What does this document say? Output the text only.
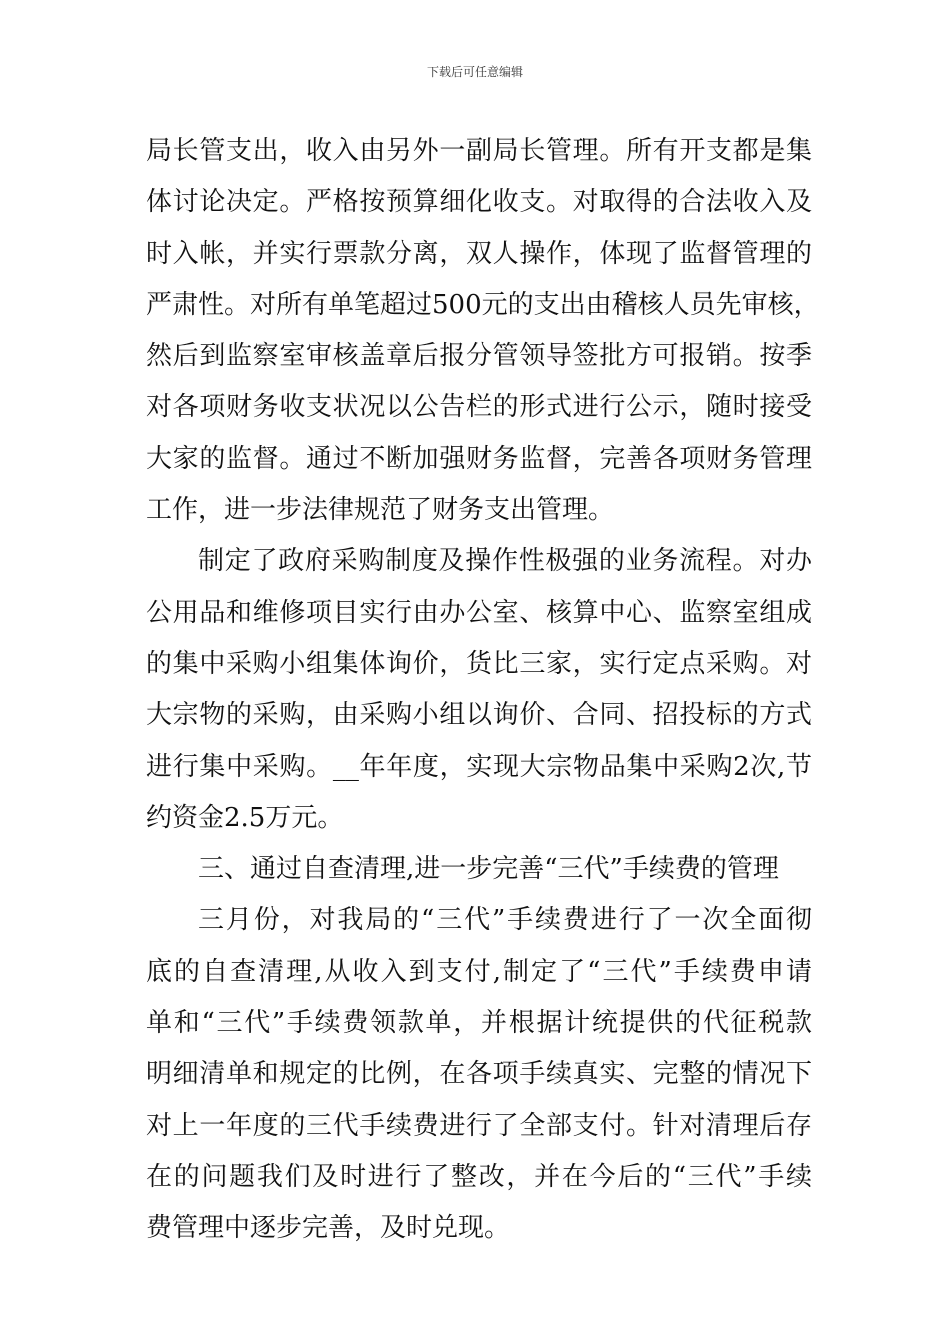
下载后可任意编辑
局长管支出，收入由另外一副局长管理。所有开支都是集
体讨论决定。严格按预算细化收支。对取得的合法收入及
时入帐，并实行票款分离，双人操作，体现了监督管理的
严肃性。对所有单笔超过500元的支出由稽核人员先审核，
然后到监察室审核盖章后报分管领导签批方可报销。按季
对各项财务收支状况以公告栏的形式进行公示，随时接受
大家的监督。通过不断加强财务监督，完善各项财务管理
工作，进一步法律规范了财务支出管理。
制定了政府采购制度及操作性极强的业务流程。对办
公用品和维修项目实行由办公室、核算中心、监察室组成
的集中采购小组集体询价，货比三家，实行定点采购。对
大宗物的采购，由采购小组以询价、合同、招投标的方式
进行集中采购。__年年度，实现大宗物品集中采购2次,节
约资金2.5万元。
三、通过自查清理,进一步完善“三代”手续费的管理
三月份，对我局的“三代”手续费进行了一次全面彻
底的自查清理,从收入到支付,制定了“三代”手续费申请
单和“三代”手续费领款单，并根据计统提供的代征税款
明细清单和规定的比例，在各项手续真实、完整的情况下
对上一年度的三代手续费进行了全部支付。针对清理后存
在的问题我们及时进行了整改，并在今后的“三代”手续
费管理中逐步完善，及时兑现。
